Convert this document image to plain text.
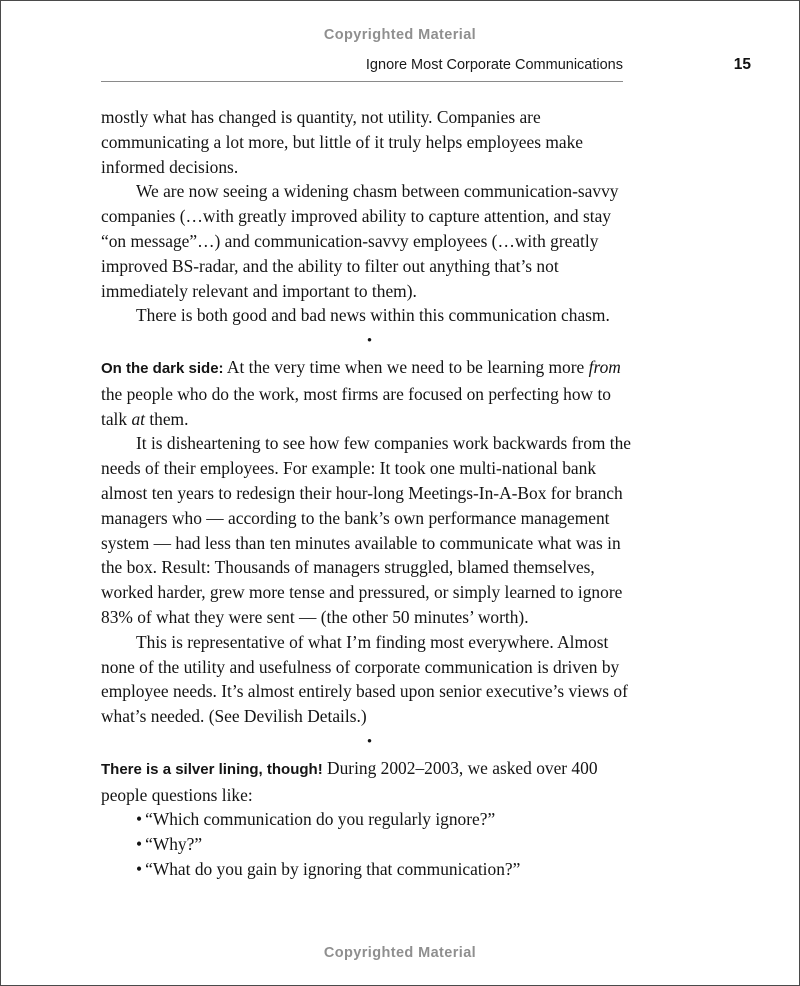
Copyrighted Material
Ignore Most Corporate Communications	15

mostly what has changed is quantity, not utility. Companies are communicating a lot more, but little of it truly helps employees make informed decisions.

We are now seeing a widening chasm between communication-savvy companies (…with greatly improved ability to capture attention, and stay “on message”…) and communication-savvy employees (…with greatly improved BS-radar, and the ability to filter out anything that’s not immediately relevant and important to them).

There is both good and bad news within this communication chasm.

•

On the dark side: At the very time when we need to be learning more from the people who do the work, most firms are focused on perfecting how to talk at them.

It is disheartening to see how few companies work backwards from the needs of their employees. For example: It took one multi-national bank almost ten years to redesign their hour-long Meetings-In-A-Box for branch managers who — according to the bank’s own performance management system — had less than ten minutes available to communicate what was in the box. Result: Thousands of managers struggled, blamed themselves, worked harder, grew more tense and pressured, or simply learned to ignore 83% of what they were sent — (the other 50 minutes’ worth).

This is representative of what I’m finding most everywhere. Almost none of the utility and usefulness of corporate communication is driven by employee needs. It’s almost entirely based upon senior executive’s views of what’s needed. (See Devilish Details.)

•

There is a silver lining, though! During 2002–2003, we asked over 400 people questions like:

• “Which communication do you regularly ignore?”
• “Why?”
• “What do you gain by ignoring that communication?”
Copyrighted Material
